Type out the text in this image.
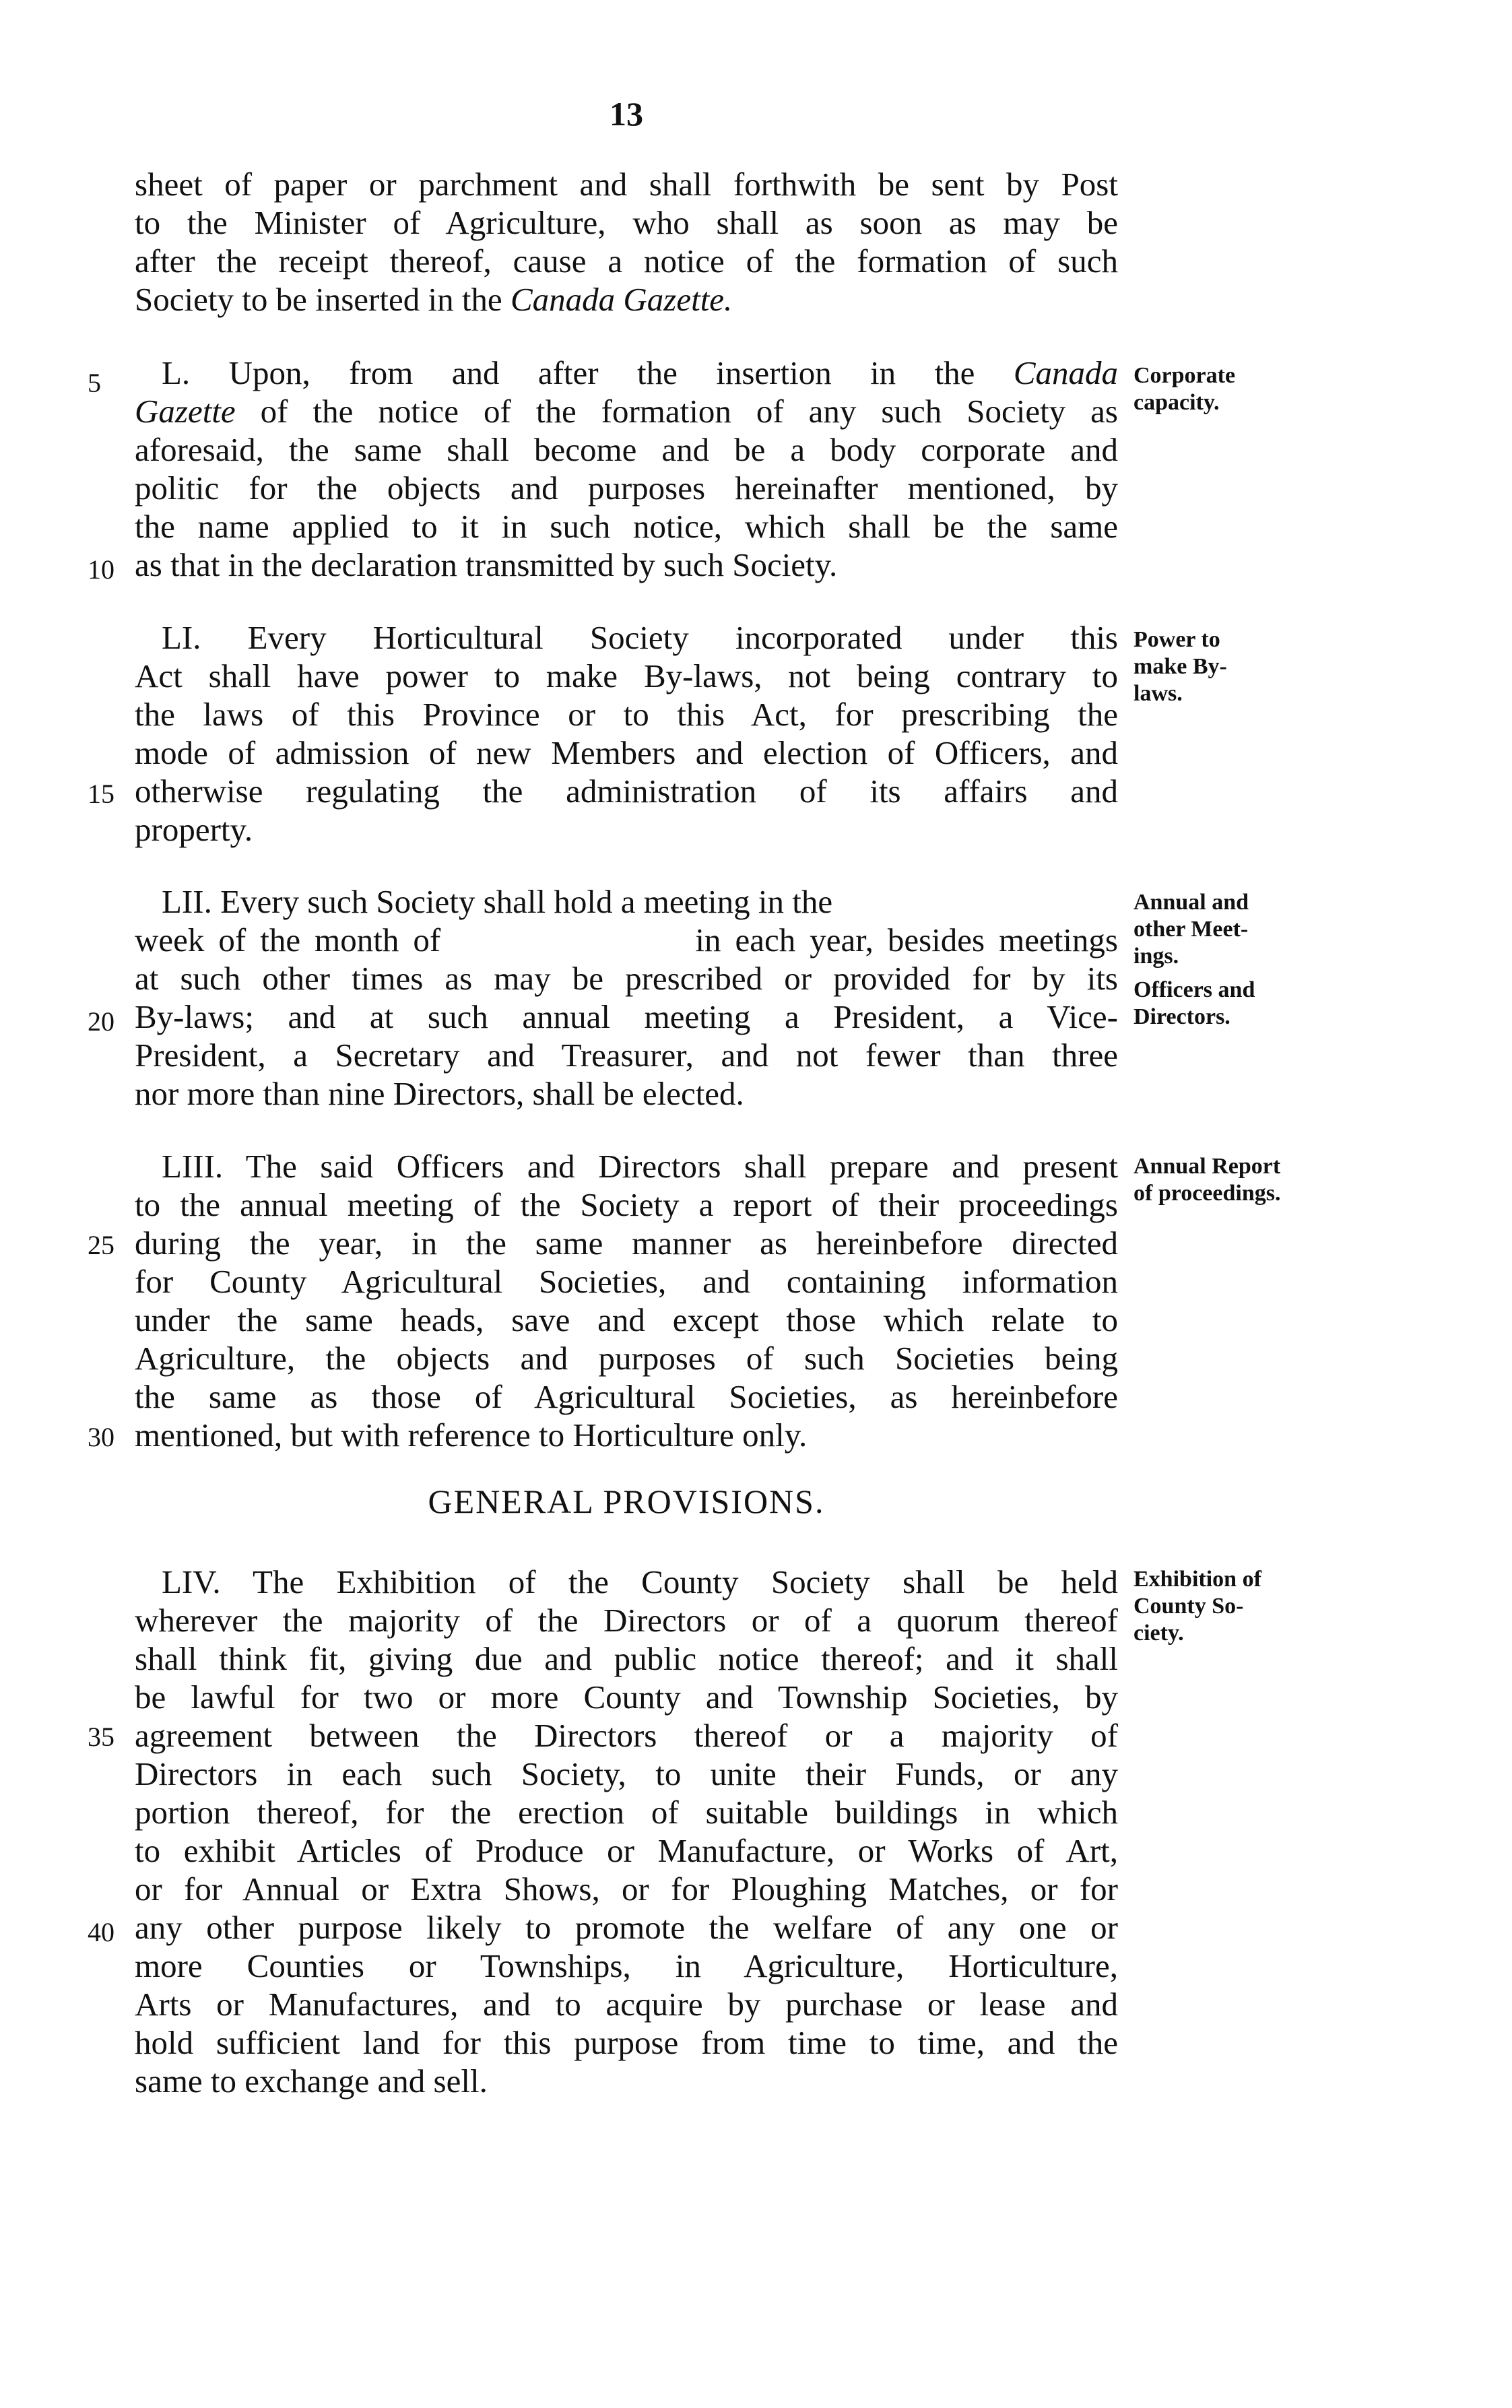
13
sheet of paper or parchment and shall forthwith be sent by Post
to the Minister of Agriculture, who shall as soon as may be
after the receipt thereof, cause a notice of the formation of such
Society to be inserted in the Canada Gazette.
L. Upon, from and after the insertion in the Canada
Gazette of the notice of the formation of any such Society as
aforesaid, the same shall become and be a body corporate and
politic for the objects and purposes hereinafter mentioned, by
the name applied to it in such notice, which shall be the same
as that in the declaration transmitted by such Society.
LI. Every Horticultural Society incorporated under this
Act shall have power to make By-laws, not being contrary to
the laws of this Province or to this Act, for prescribing the
mode of admission of new Members and election of Officers, and
otherwise regulating the administration of its affairs and
property.
LII. Every such Society shall hold a meeting in the
week of the month of                  in each year, besides meetings
at such other times as may be prescribed or provided for by its
By-laws; and at such annual meeting a President, a Vice-
President, a Secretary and Treasurer, and not fewer than three
nor more than nine Directors, shall be elected.
LIII. The said Officers and Directors shall prepare and present
to the annual meeting of the Society a report of their proceedings
during the year, in the same manner as hereinbefore directed
for County Agricultural Societies, and containing information
under the same heads, save and except those which relate to
Agriculture, the objects and purposes of such Societies being
the same as those of Agricultural Societies, as hereinbefore
mentioned, but with reference to Horticulture only.
GENERAL PROVISIONS.
LIV. The Exhibition of the County Society shall be held
wherever the majority of the Directors or of a quorum thereof
shall think fit, giving due and public notice thereof; and it shall
be lawful for two or more County and Township Societies, by
agreement between the Directors thereof or a majority of
Directors in each such Society, to unite their Funds, or any
portion thereof, for the erection of suitable buildings in which
to exhibit Articles of Produce or Manufacture, or Works of Art,
or for Annual or Extra Shows, or for Ploughing Matches, or for
any other purpose likely to promote the welfare of any one or
more Counties or Townships, in Agriculture, Horticulture,
Arts or Manufactures, and to acquire by purchase or lease and
hold sufficient land for this purpose from time to time, and the
same to exchange and sell.
5
10
15
20
25
30
35
40
Corporate
capacity.
Power to
make By-
laws.
Annual and
other Meet-
ings.
Officers and
Directors.
Annual Report
of proceedings.
Exhibition of
County So-
ciety.
